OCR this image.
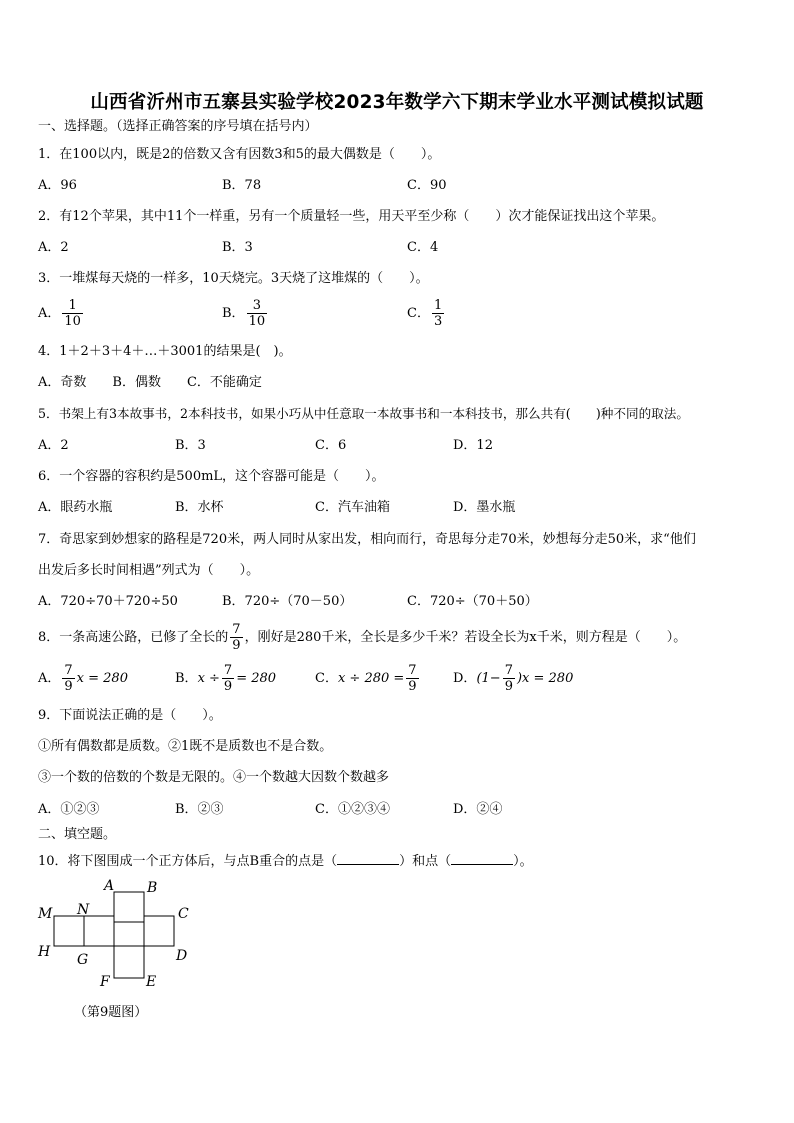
山西省沂州市五寨县实验学校2023年数学六下期末学业水平测试模拟试题
一、选择题。（选择正确答案的序号填在括号内）
1．在100以内，既是2的倍数又含有因数3和5的最大偶数是（　　）。
A．96	B．78	C．90
2．有12个苹果，其中11个一样重，另有一个质量轻一些，用天平至少称（　　）次才能保证找出这个苹果。
A．2	B．3	C．4
3．一堆煤每天烧的一样多，10天烧完。3天烧了这堆煤的（　　）。
A． $\frac{1}{10}$	B． $\frac{3}{10}$	C． $\frac{1}{3}$
4．1＋2＋3＋4＋…＋3001的结果是(　)。
A．奇数　　B．偶数　　C．不能确定
5．书架上有3本故事书，2本科技书，如果小巧从中任意取一本故事书和一本科技书，那么共有(　　)种不同的取法。
A．2	B．3	C．6	D．12
6．一个容器的容积约是500mL，这个容器可能是（　　）。
A．眼药水瓶	B．水杯	C．汽车油箱	D．墨水瓶
7．奇思家到妙想家的路程是720米，两人同时从家出发，相向而行，奇思每分走70米，妙想每分走50米，求“他们
出发后多长时间相遇”列式为（　　）。
A．720÷70＋720÷50	B．720÷（70－50）	C．720÷（70＋50）
8．一条高速公路，已修了全长的 $\frac{7}{9}$ ，刚好是280千米，全长是多少千米？若设全长为x千米，则方程是（　　）。
A． $\frac{7}{9}$ x = 280	B．$x \div \frac{7}{9} = 280$	C．$x \div 280 = \frac{7}{9}$	D．$(1- \frac{7}{9} )x = 280$
9．下面说法正确的是（　　）。
①所有偶数都是质数。②1既不是质数也不是合数。
③一个数的倍数的个数是无限的。④一个数越大因数个数越多
A．①②③	B．②③	C．①②③④	D．②④
二、填空题。
10．将下图围成一个正方体后，与点B重合的点是（	）和点（	）。
A B
C
D
E
F
G
H
M N
（第9题图）
